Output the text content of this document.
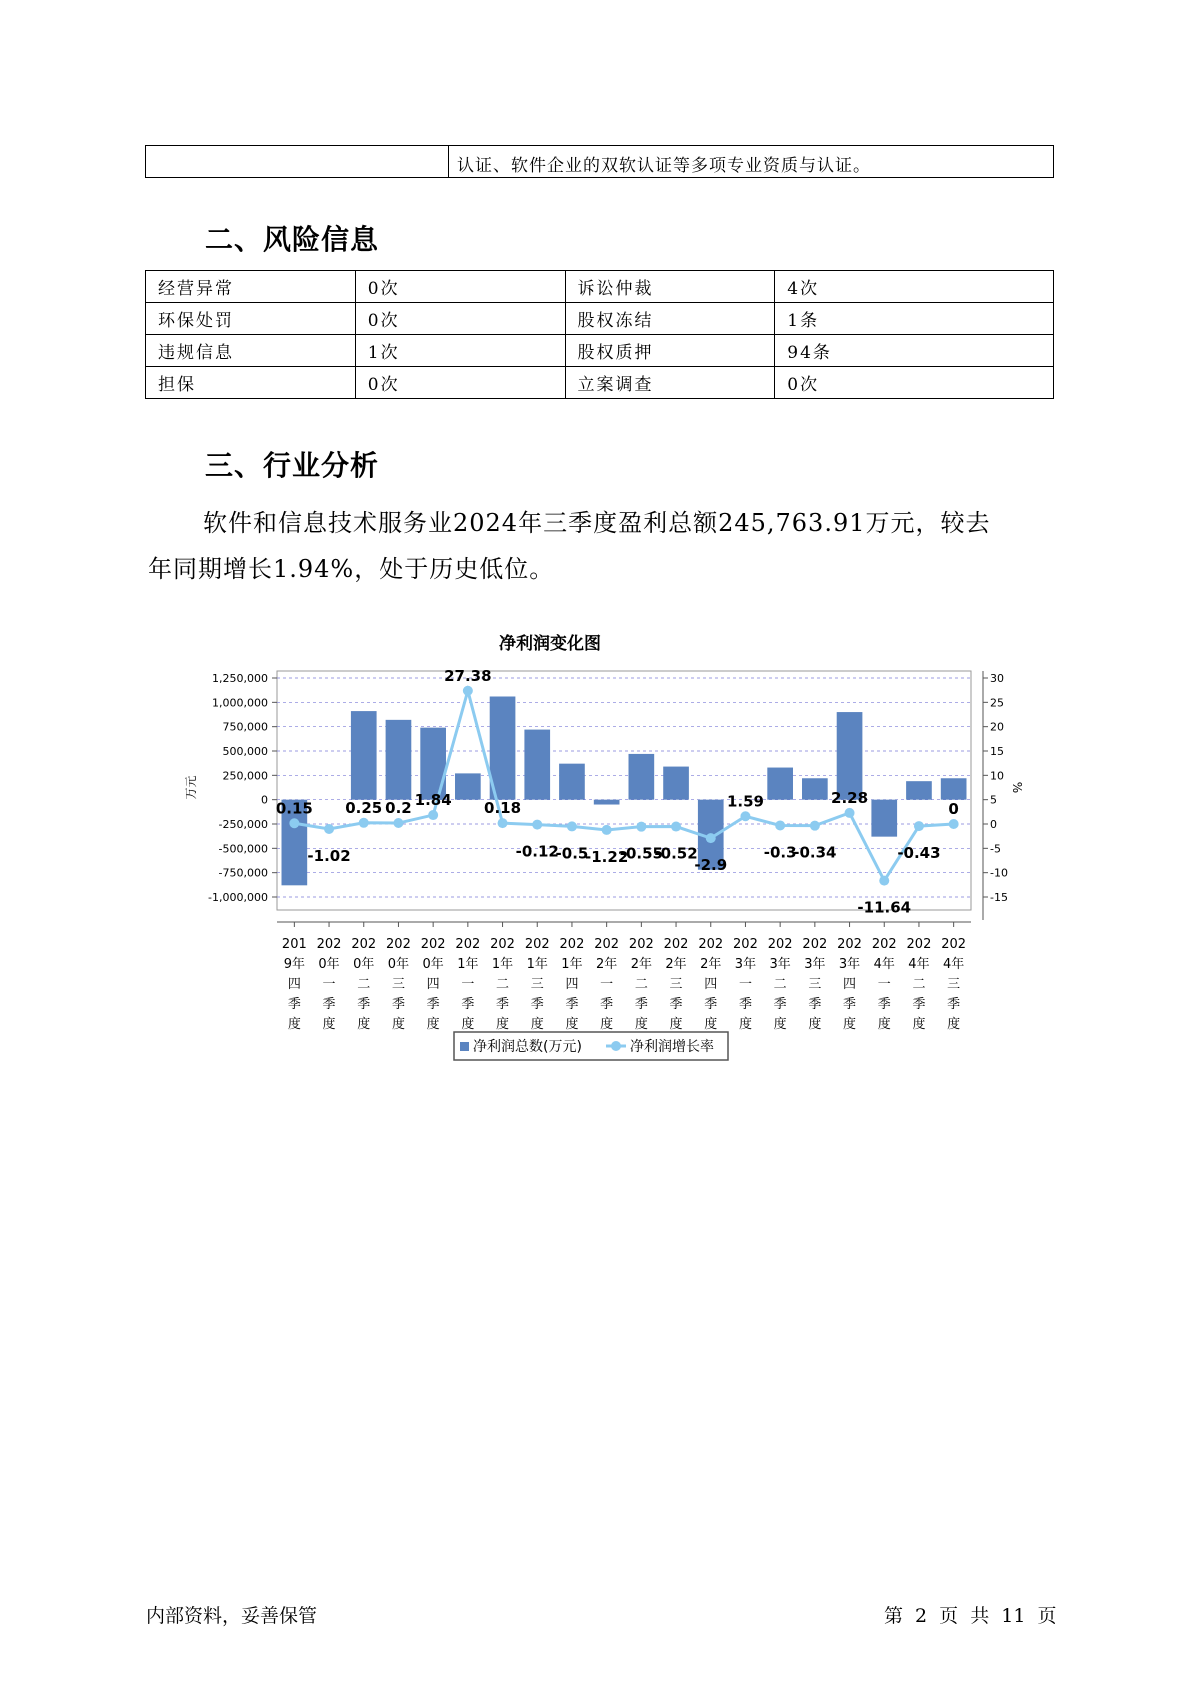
认证、软件企业的双软认证等多项专业资质与认证。
二、风险信息
经营异常	0次	诉讼仲裁	4次
环保处罚	0次	股权冻结	1条
违规信息	1次	股权质押	94条
担保	0次	立案调查	0次
三、行业分析
软件和信息技术服务业2024年三季度盈利总额245,763.91万元，较去
年同期增长1.94%，处于历史低位。
净利润变化图
1,250,000
1,000,000
750,000
500,000
250,000
0
-250,000
-500,000
-750,000
-1,000,000
30
25
20
15
10
5
0
-5
-10
-15
万元	%
0.15
-1.02
0.25 0.2 1.84
27.38
0.18
-0.12
-0.5
-1.22
-0.55
-0.52
-2.9
1.59
-0.3
-0.34
2.28
-11.64
-0.43
0
201 9年四季度
202 0年一季度
202 0年二季度
202 0年三季度
202 0年四季度
202 1年一季度
202 1年二季度
202 1年三季度
202 1年四季度
202 2年一季度
202 2年二季度
202 2年三季度
202 2年四季度
202 3年一季度
202 3年二季度
202 3年三季度
202 3年四季度
202 4年一季度
202 4年二季度
202 4年三季度
净利润总数(万元)	净利润增长率
内部资料，妥善保管	第 2 页 共 11 页
